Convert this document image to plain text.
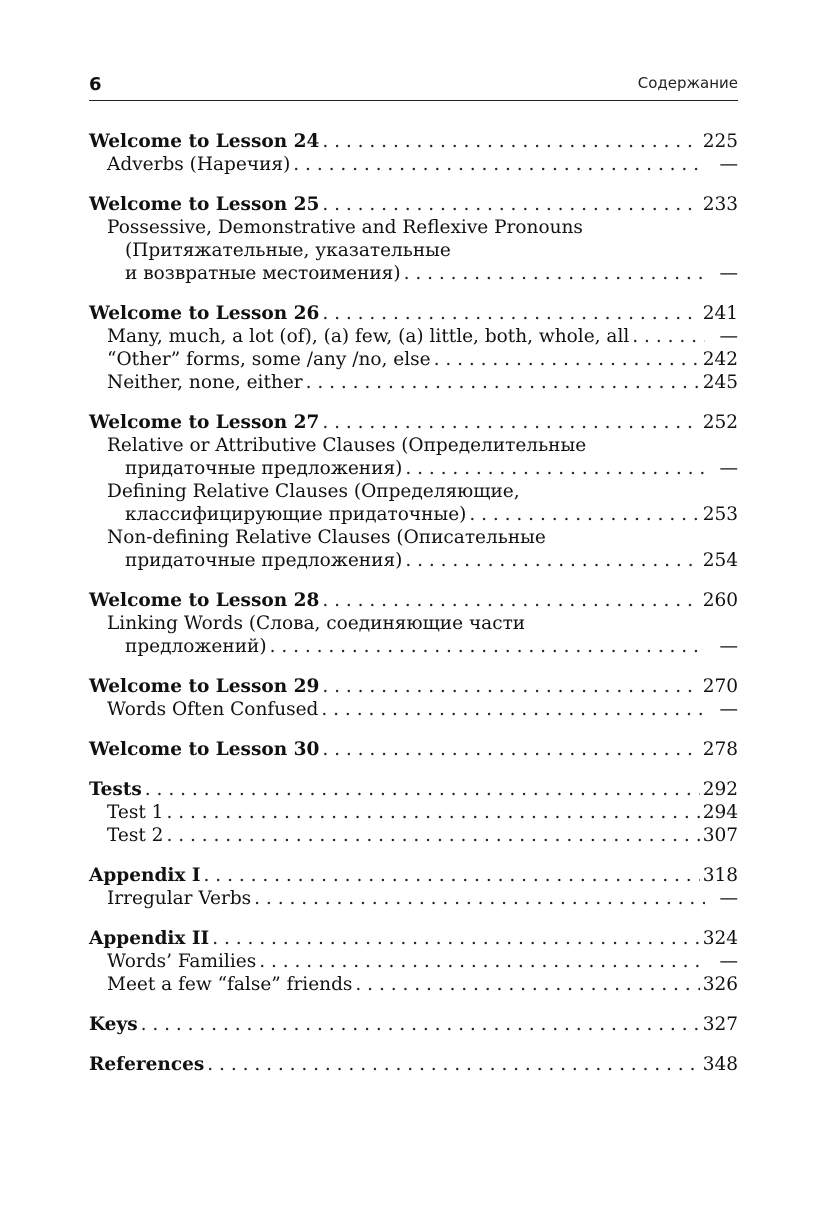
6	Содержание
Welcome to Lesson 24 . . .	225
Adverbs (Наречия) . . .	—
Welcome to Lesson 25 . . .	233
Possessive, Demonstrative and Reflexive Pronouns
(Притяжательные, указательные
и возвратные местоимения) . . .	—
Welcome to Lesson 26 . . .	241
Many, much, a lot (of), (a) few, (a) little, both, whole, all . . .	—
“Other” forms, some /any /no, else . . .	242
Neither, none, either . . .	245
Welcome to Lesson 27 . . .	252
Relative or Attributive Clauses (Определительные
придаточные предложения) . . .	—
Defining Relative Clauses (Определяющие,
классифицирующие придаточные) . . .	253
Non-defining Relative Clauses (Описательные
придаточные предложения) . . .	254
Welcome to Lesson 28 . . .	260
Linking Words (Слова, соединяющие части
предложений) . . .	—
Welcome to Lesson 29 . . .	270
Words Often Confused . . .	—
Welcome to Lesson 30 . . .	278
Tests . . .	292
Test 1 . . .	294
Test 2 . . .	307
Appendix I . . .	318
Irregular Verbs . . .	—
Appendix II . . .	324
Words’ Families . . .	—
Meet a few “false” friends . . .	326
Keys . . .	327
References . . .	348
